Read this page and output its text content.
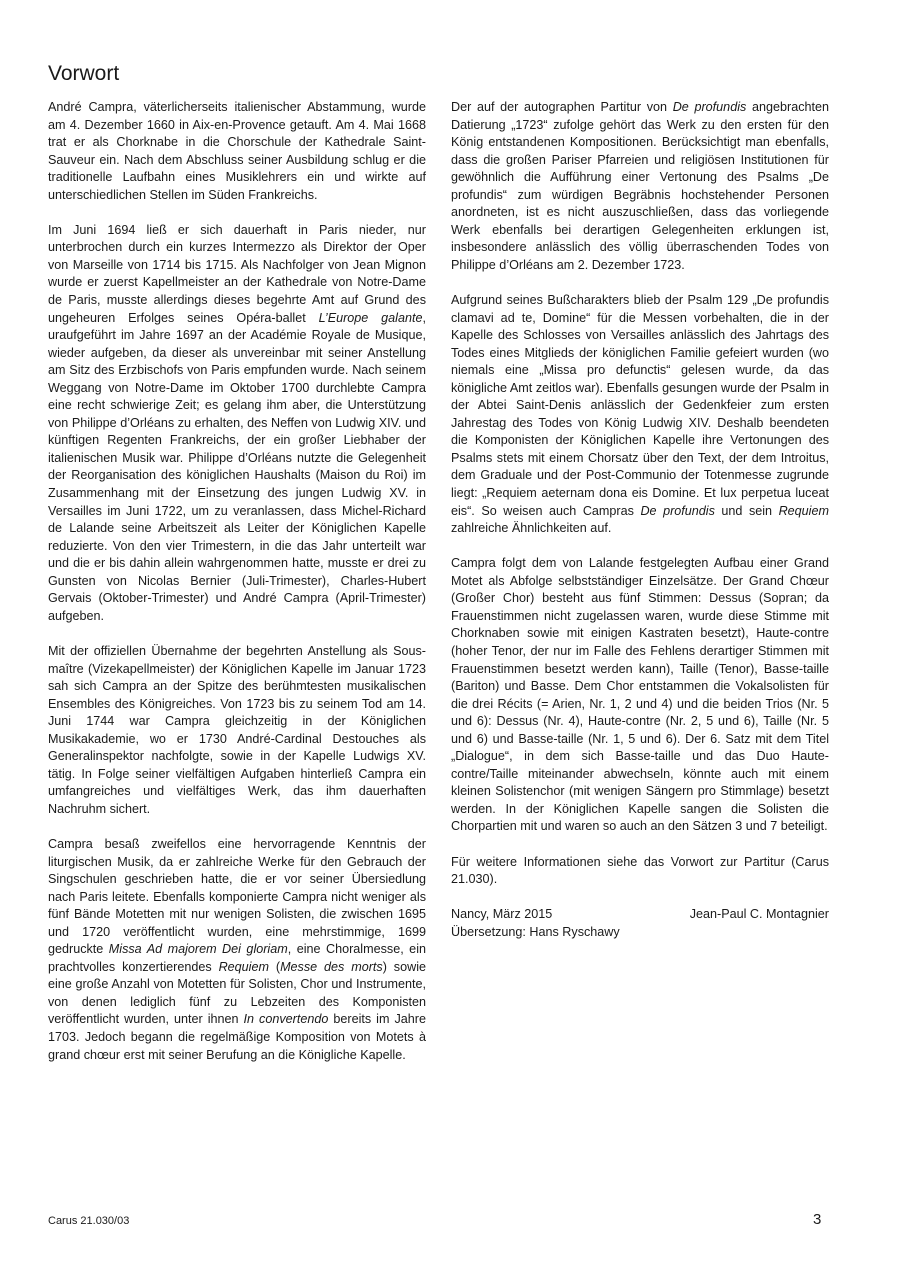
Vorwort

André Campra, väterlicherseits italienischer Abstammung, wurde am 4. Dezember 1660 in Aix-en-Provence getauft. Am 4. Mai 1668 trat er als Chorknabe in die Chorschule der Kathedrale Saint-Sauveur ein. Nach dem Abschluss seiner Ausbildung schlug er die traditionelle Laufbahn eines Musiklehrers ein und wirkte auf unterschiedlichen Stellen im Süden Frankreichs.

Im Juni 1694 ließ er sich dauerhaft in Paris nieder, nur unterbrochen durch ein kurzes Intermezzo als Direktor der Oper von Marseille von 1714 bis 1715. Als Nachfolger von Jean Mignon wurde er zuerst Kapellmeister an der Kathedrale von Notre-Dame de Paris, musste allerdings dieses begehrte Amt auf Grund des ungeheuren Erfolges seines Opéra-ballet L’Europe galante, uraufgeführt im Jahre 1697 an der Académie Royale de Musique, wieder aufgeben, da dieser als unvereinbar mit seiner Anstellung am Sitz des Erzbischofs von Paris empfunden wurde. Nach seinem Weggang von Notre-Dame im Oktober 1700 durchlebte Campra eine recht schwierige Zeit; es gelang ihm aber, die Unterstützung von Philippe d’Orléans zu erhalten, des Neffen von Ludwig XIV. und künftigen Regenten Frankreichs, der ein großer Liebhaber der italienischen Musik war. Philippe d’Orléans nutzte die Gelegenheit der Reorganisation des königlichen Haushalts (Maison du Roi) im Zusammenhang mit der Einsetzung des jungen Ludwig XV. in Versailles im Juni 1722, um zu veranlassen, dass Michel-Richard de Lalande seine Arbeitszeit als Leiter der Königlichen Kapelle reduzierte. Von den vier Trimestern, in die das Jahr unterteilt war und die er bis dahin allein wahrgenommen hatte, musste er drei zu Gunsten von Nicolas Bernier (Juli-Trimester), Charles-Hubert Gervais (Oktober-Trimester) und André Campra (April-Trimester) aufgeben.

Mit der offiziellen Übernahme der begehrten Anstellung als Sous-maître (Vizekapellmeister) der Königlichen Kapelle im Januar 1723 sah sich Campra an der Spitze des berühmtesten musikalischen Ensembles des Königreiches. Von 1723 bis zu seinem Tod am 14. Juni 1744 war Campra gleichzeitig in der Königlichen Musikakademie, wo er 1730 André-Cardinal Destouches als Generalinspektor nachfolgte, sowie in der Kapelle Ludwigs XV. tätig. In Folge seiner vielfältigen Aufgaben hinterließ Campra ein umfangreiches und vielfältiges Werk, das ihm dauerhaften Nachruhm sichert.

Campra besaß zweifellos eine hervorragende Kenntnis der liturgischen Musik, da er zahlreiche Werke für den Gebrauch der Singschulen geschrieben hatte, die er vor seiner Übersiedlung nach Paris leitete. Ebenfalls komponierte Campra nicht weniger als fünf Bände Motetten mit nur wenigen Solisten, die zwischen 1695 und 1720 veröffentlicht wurden, eine mehrstimmige, 1699 gedruckte Missa Ad majorem Dei gloriam, eine Choralmesse, ein prachtvolles konzertierendes Requiem (Messe des morts) sowie eine große Anzahl von Motetten für Solisten, Chor und Instrumente, von denen lediglich fünf zu Lebzeiten des Komponisten veröffentlicht wurden, unter ihnen In convertendo bereits im Jahre 1703. Jedoch begann die regelmäßige Komposition von Motets à grand chœur erst mit seiner Berufung an die Königliche Kapelle.

Der auf der autographen Partitur von De profundis angebrachten Datierung „1723“ zufolge gehört das Werk zu den ersten für den König entstandenen Kompositionen. Berücksichtigt man ebenfalls, dass die großen Pariser Pfarreien und religiösen Institutionen für gewöhnlich die Aufführung einer Vertonung des Psalms „De profundis“ zum würdigen Begräbnis hochstehender Personen anordneten, ist es nicht auszuschließen, dass das vorliegende Werk ebenfalls bei derartigen Gelegenheiten erklungen ist, insbesondere anlässlich des völlig überraschenden Todes von Philippe d’Orléans am 2. Dezember 1723.

Aufgrund seines Bußcharakters blieb der Psalm 129 „De profundis clamavi ad te, Domine“ für die Messen vorbehalten, die in der Kapelle des Schlosses von Versailles anlässlich des Jahrtags des Todes eines Mitglieds der königlichen Familie gefeiert wurden (wo niemals eine „Missa pro defunctis“ gelesen wurde, da das königliche Amt zeitlos war). Ebenfalls gesungen wurde der Psalm in der Abtei Saint-Denis anlässlich der Gedenkfeier zum ersten Jahrestag des Todes von König Ludwig XIV. Deshalb beendeten die Komponisten der Königlichen Kapelle ihre Vertonungen des Psalms stets mit einem Chorsatz über den Text, der dem Introitus, dem Graduale und der Post-Communio der Totenmesse zugrunde liegt: „Requiem aeternam dona eis Domine. Et lux perpetua luceat eis“. So weisen auch Campras De profundis und sein Requiem zahlreiche Ähnlichkeiten auf.

Campra folgt dem von Lalande festgelegten Aufbau einer Grand Motet als Abfolge selbstständiger Einzelsätze. Der Grand Chœur (Großer Chor) besteht aus fünf Stimmen: Dessus (Sopran; da Frauenstimmen nicht zugelassen waren, wurde diese Stimme mit Chorknaben sowie mit einigen Kastraten besetzt), Haute-contre (hoher Tenor, der nur im Falle des Fehlens derartiger Stimmen mit Frauenstimmen besetzt werden kann), Taille (Tenor), Basse-taille (Bariton) und Basse. Dem Chor entstammen die Vokalsolisten für die drei Récits (= Arien, Nr. 1, 2 und 4) und die beiden Trios (Nr. 5 und 6): Dessus (Nr. 4), Haute-contre (Nr. 2, 5 und 6), Taille (Nr. 5 und 6) und Basse-taille (Nr. 1, 5 und 6). Der 6. Satz mit dem Titel „Dialogue“, in dem sich Basse-taille und das Duo Haute-contre/Taille miteinander abwechseln, könnte auch mit einem kleinen Solistenchor (mit wenigen Sängern pro Stimmlage) besetzt werden. In der Königlichen Kapelle sangen die Solisten die Chorpartien mit und waren so auch an den Sätzen 3 und 7 beteiligt.

Für weitere Informationen siehe das Vorwort zur Partitur (Carus 21.030).

Nancy, März 2015	Jean-Paul C. Montagnier
Übersetzung: Hans Ryschawy
Carus 21.030/03	3
